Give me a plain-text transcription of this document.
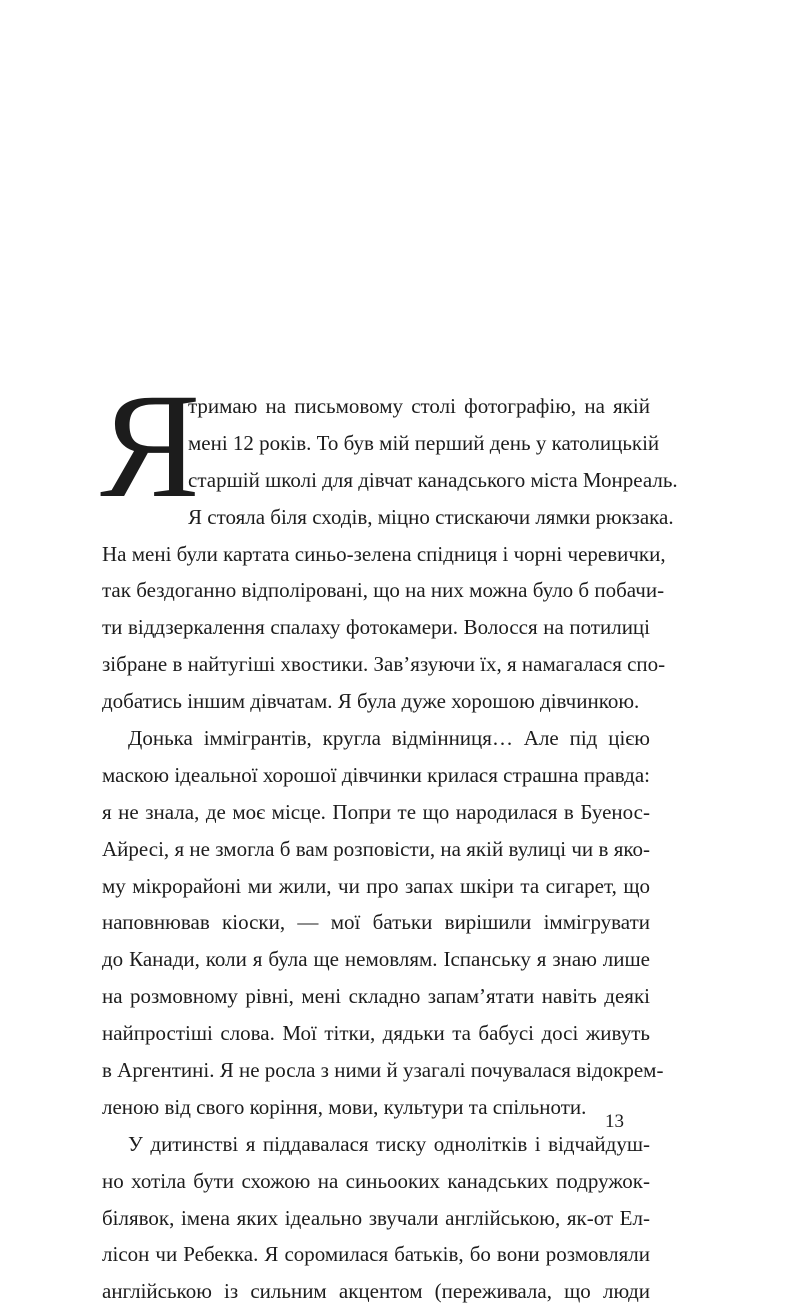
Я
тримаю на письмовому столі фотографію, на якій
мені 12 років. То був мій перший день у католицькій
старшій школі для дівчат канадського міста Монреаль.
Я стояла біля сходів, міцно стискаючи лямки рюкзака.
На мені були картата синьо-зелена спідниця і чорні черевички,
так бездоганно відполіровані, що на них можна було б побачи-
ти віддзеркалення спалаху фотокамери. Волосся на потилиці
зібране в найтугіші хвостики. Зав’язуючи їх, я намагалася спо-
добатись іншим дівчатам. Я була дуже хорошою дівчинкою.
Донька іммігрантів, кругла відмінниця… Але під цією
маскою ідеальної хорошої дівчинки крилася страшна правда:
я не знала, де моє місце. Попри те що народилася в Буенос-
Айресі, я не змогла б вам розповісти, на якій вулиці чи в яко-
му мікрорайоні ми жили, чи про запах шкіри та сигарет, що
наповнював кіоски, — мої батьки вирішили іммігрувати
до Канади, коли я була ще немовлям. Іспанську я знаю лише
на розмовному рівні, мені складно запам’ятати навіть деякі
найпростіші слова. Мої тітки, дядьки та бабусі досі живуть
в Аргентині. Я не росла з ними й узагалі почувалася відокрем-
леною від свого коріння, мови, культури та спільноти.
У дитинстві я піддавалася тиску однолітків і відчайдуш-
но хотіла бути схожою на синьооких канадських подружок-
білявок, імена яких ідеально звучали англійською, як-от Ел-
лісон чи Ребекка. Я соромилася батьків, бо вони розмовляли
англійською із сильним акцентом (переживала, що люди
13
